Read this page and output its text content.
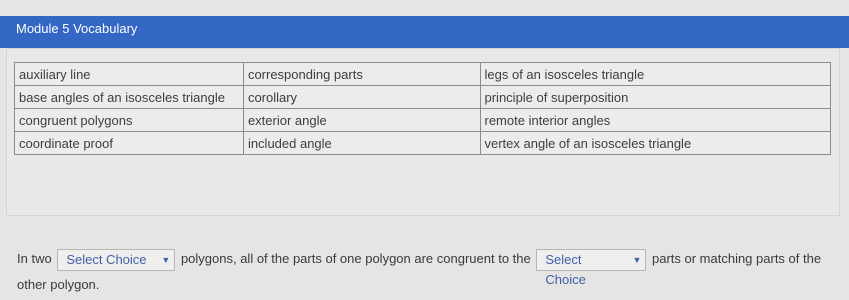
Module 5 Vocabulary
auxiliary line	corresponding parts	legs of an isosceles triangle
base angles of an isosceles triangle	corollary	principle of superposition
congruent polygons	exterior angle	remote interior angles
coordinate proof	included angle	vertex angle of an isosceles triangle
In two Select Choice ▼ polygons, all of the parts of one polygon are congruent to the Select Choice
▼ parts or matching parts of the other polygon.
